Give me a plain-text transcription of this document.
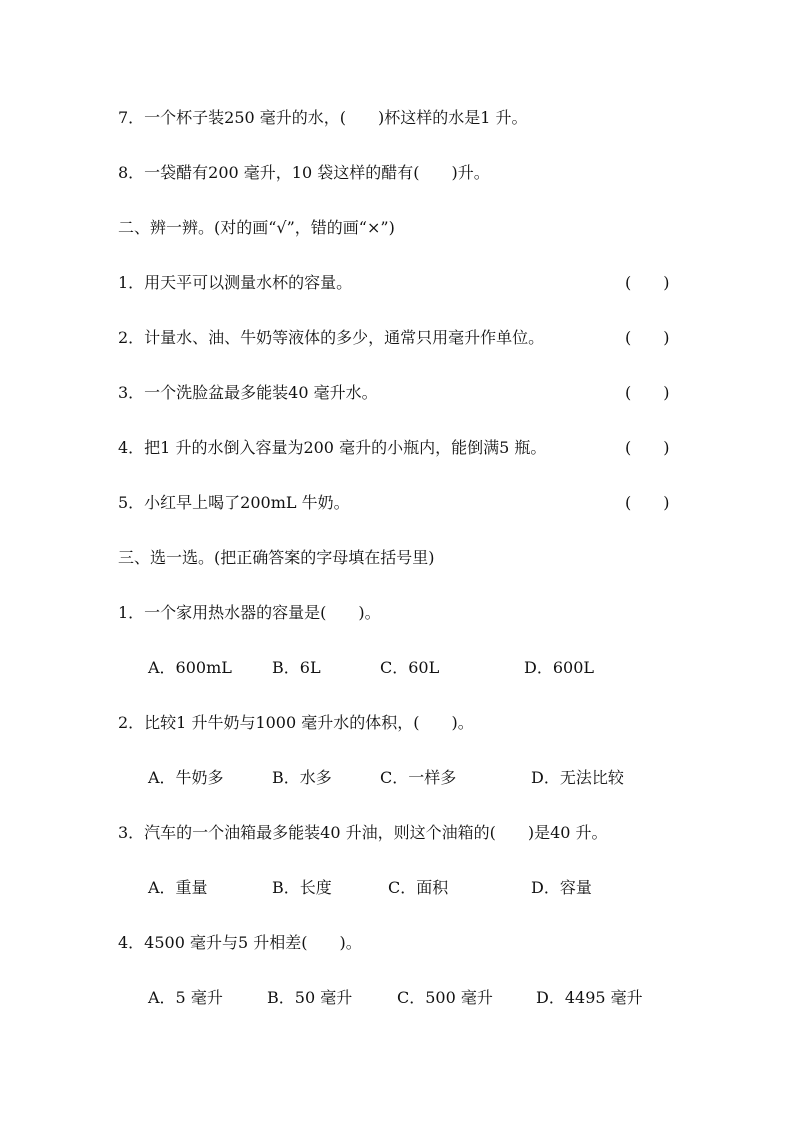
7．一个杯子装250 毫升的水，(　　)杯这样的水是1 升。
8．一袋醋有200 毫升，10 袋这样的醋有(　　)升。
二、辨一辨。(对的画“√”，错的画“×”)
1．用天平可以测量水杯的容量。	(　　)
2．计量水、油、牛奶等液体的多少，通常只用毫升作单位。	(　　)
3．一个洗脸盆最多能装40 毫升水。	(　　)
4．把1 升的水倒入容量为200 毫升的小瓶内，能倒满5 瓶。	(　　)
5．小红早上喝了200mL 牛奶。	(　　)
三、选一选。(把正确答案的字母填在括号里)
1．一个家用热水器的容量是(　　)。
A．600mL	B．6L	C．60L	D．600L
2．比较1 升牛奶与1000 毫升水的体积，(　　)。
A．牛奶多	B．水多	C．一样多	D．无法比较
3．汽车的一个油箱最多能装40 升油，则这个油箱的(　　)是40 升。
A．重量	B．长度	C．面积	D．容量
4．4500 毫升与5 升相差(　　)。
A．5 毫升	B．50 毫升	C．500 毫升	D．4495 毫升
